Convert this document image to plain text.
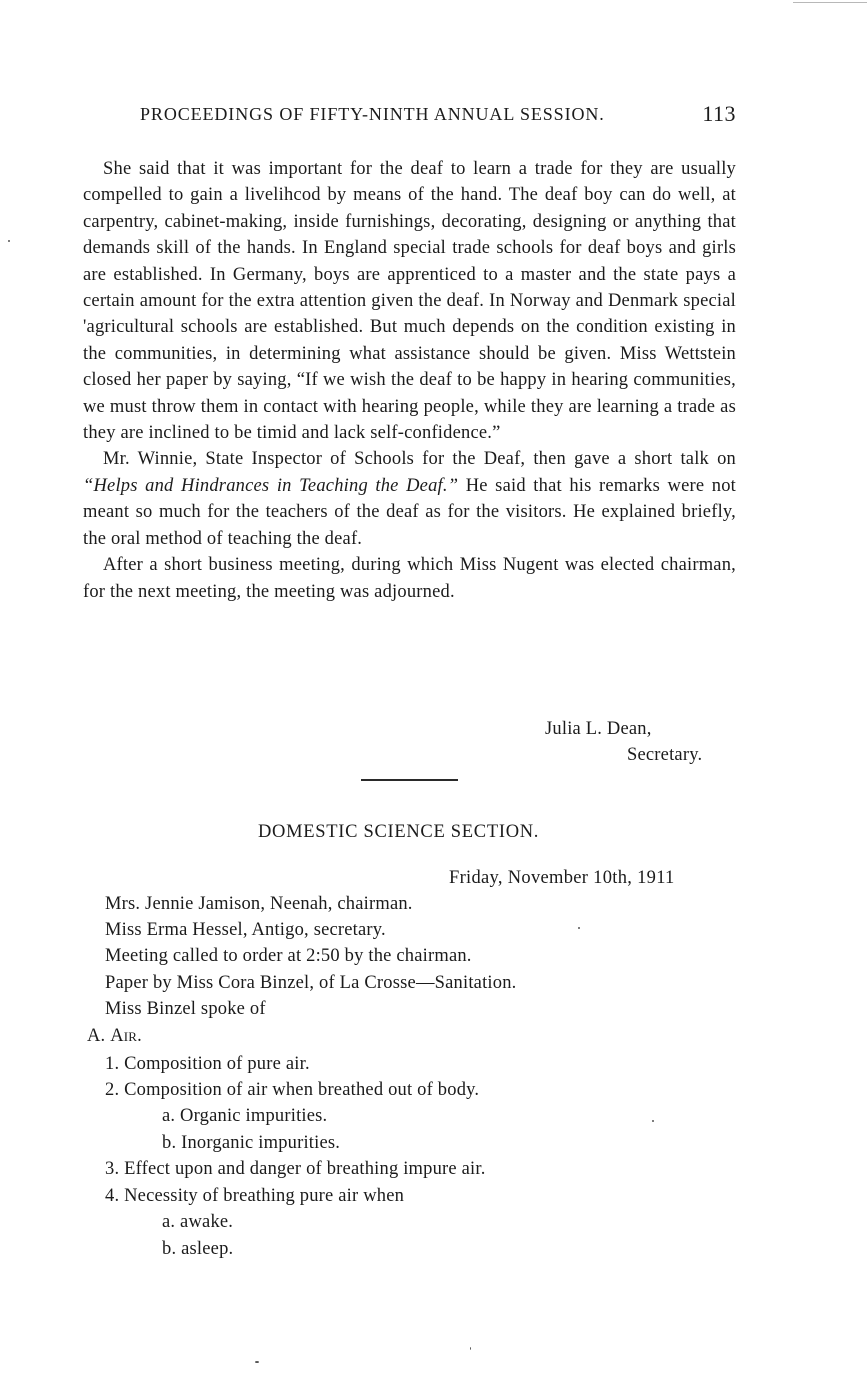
PROCEEDINGS OF FIFTY-NINTH ANNUAL SESSION.	113

She said that it was important for the deaf to learn a trade for they are usually compelled to gain a livelihcod by means of the hand. The deaf boy can do well, at carpentry, cabinet-making, inside furnishings, decorating, designing or anything that demands skill of the hands. In England special trade schools for deaf boys and girls are established. In Germany, boys are apprenticed to a master and the state pays a certain amount for the extra attention given the deaf. In Norway and Denmark special 'agricultural schools are established. But much depends on the condition existing in the communities, in determining what assistance should be given. Miss Wettstein closed her paper by saying, “If we wish the deaf to be happy in hearing communities, we must throw them in contact with hearing people, while they are learning a trade as they are inclined to be timid and lack self-confidence.”

Mr. Winnie, State Inspector of Schools for the Deaf, then gave a short talk on “Helps and Hindrances in Teaching the Deaf.” He said that his remarks were not meant so much for the teachers of the deaf as for the visitors. He explained briefly, the oral method of teaching the deaf.

After a short business meeting, during which Miss Nugent was elected chairman, for the next meeting, the meeting was adjourned.

Julia L. Dean,
Secretary.
DOMESTIC SCIENCE SECTION.
Friday, November 10th, 1911
Mrs. Jennie Jamison, Neenah, chairman.
Miss Erma Hessel, Antigo, secretary.
Meeting called to order at 2:50 by the chairman.
Paper by Miss Cora Binzel, of La Crosse—Sanitation.
Miss Binzel spoke of
A. Air.
1. Composition of pure air.
2. Composition of air when breathed out of body.
a. Organic impurities.
b. Inorganic impurities.
3. Effect upon and danger of breathing impure air.
4. Necessity of breathing pure air when
a. awake.
b. asleep.
